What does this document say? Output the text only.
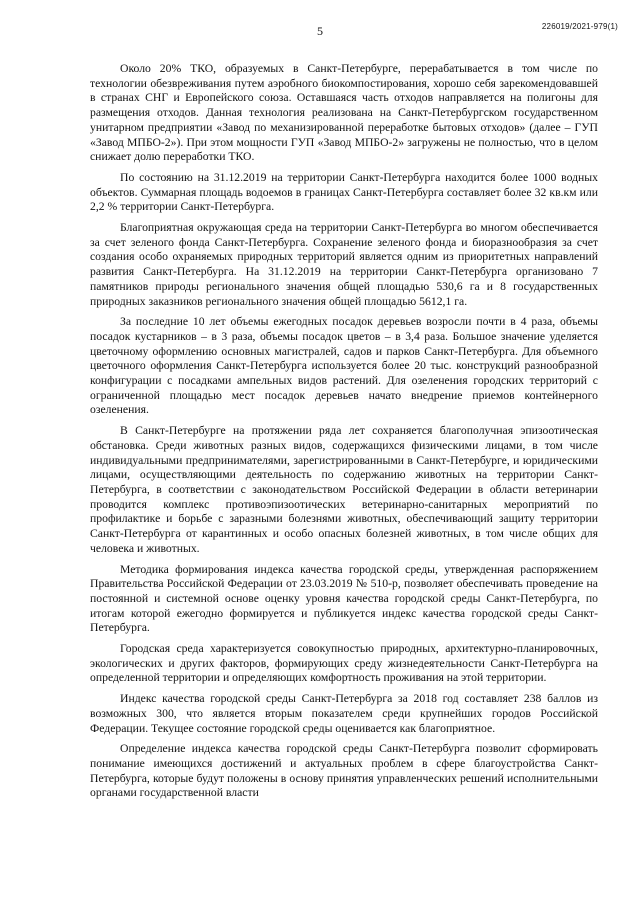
5	226019/2021-979(1)

Около 20% ТКО, образуемых в Санкт-Петербурге, перерабатывается в том числе по технологии обезвреживания путем аэробного биокомпостирования, хорошо себя зарекомендовавшей в странах СНГ и Европейского союза. Оставшаяся часть отходов направляется на полигоны для размещения отходов. Данная технология реализована на Санкт-Петербургском государственном унитарном предприятии «Завод по механизированной переработке бытовых отходов» (далее – ГУП «Завод МПБО-2»). При этом мощности ГУП «Завод МПБО-2» загружены не полностью, что в целом снижает долю переработки ТКО.

По состоянию на 31.12.2019 на территории Санкт-Петербурга находится более 1000 водных объектов. Суммарная площадь водоемов в границах Санкт-Петербурга составляет более 32 кв.км или 2,2 % территории Санкт-Петербурга.

Благоприятная окружающая среда на территории Санкт-Петербурга во многом обеспечивается за счет зеленого фонда Санкт-Петербурга. Сохранение зеленого фонда и биоразнообразия за счет создания особо охраняемых природных территорий является одним из приоритетных направлений развития Санкт-Петербурга. На 31.12.2019 на территории Санкт-Петербурга организовано 7 памятников природы регионального значения общей площадью 530,6 га и 8 государственных природных заказников регионального значения общей площадью 5612,1 га.

За последние 10 лет объемы ежегодных посадок деревьев возросли почти в 4 раза, объемы посадок кустарников – в 3 раза, объемы посадок цветов – в 3,4 раза. Большое значение уделяется цветочному оформлению основных магистралей, садов и парков Санкт-Петербурга. Для объемного цветочного оформления Санкт-Петербурга используется более 20 тыс. конструкций разнообразной конфигурации с посадками ампельных видов растений. Для озеленения городских территорий с ограниченной площадью мест посадок деревьев начато внедрение приемов контейнерного озеленения.

В Санкт-Петербурге на протяжении ряда лет сохраняется благополучная эпизоотическая обстановка. Среди животных разных видов, содержащихся физическими лицами, в том числе индивидуальными предпринимателями, зарегистрированными в Санкт-Петербурге, и юридическими лицами, осуществляющими деятельность по содержанию животных на территории Санкт-Петербурга, в соответствии с законодательством Российской Федерации в области ветеринарии проводится комплекс противоэпизоотических ветеринарно-санитарных мероприятий по профилактике и борьбе с заразными болезнями животных, обеспечивающий защиту территории Санкт-Петербурга от карантинных и особо опасных болезней животных, в том числе общих для человека и животных.

Методика формирования индекса качества городской среды, утвержденная распоряжением Правительства Российской Федерации от 23.03.2019 № 510-р, позволяет обеспечивать проведение на постоянной и системной основе оценку уровня качества городской среды Санкт-Петербурга, по итогам которой ежегодно формируется и публикуется индекс качества городской среды Санкт-Петербурга.

Городская среда характеризуется совокупностью природных, архитектурно-планировочных, экологических и других факторов, формирующих среду жизнедеятельности Санкт-Петербурга на определенной территории и определяющих комфортность проживания на этой территории.

Индекс качества городской среды Санкт-Петербурга за 2018 год составляет 238 баллов из возможных 300, что является вторым показателем среди крупнейших городов Российской Федерации. Текущее состояние городской среды оценивается как благоприятное.

Определение индекса качества городской среды Санкт-Петербурга позволит сформировать понимание имеющихся достижений и актуальных проблем в сфере благоустройства Санкт-Петербурга, которые будут положены в основу принятия управленческих решений исполнительными органами государственной власти
